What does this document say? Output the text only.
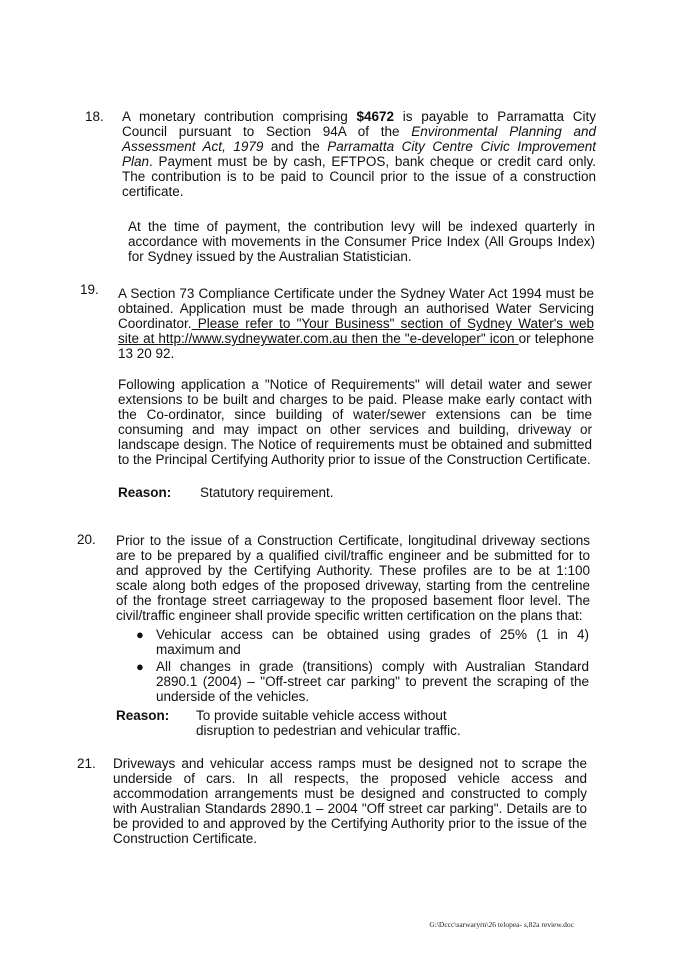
18. A monetary contribution comprising $4672 is payable to Parramatta City Council pursuant to Section 94A of the Environmental Planning and Assessment Act, 1979 and the Parramatta City Centre Civic Improvement Plan. Payment must be by cash, EFTPOS, bank cheque or credit card only. The contribution is to be paid to Council prior to the issue of a construction certificate.
At the time of payment, the contribution levy will be indexed quarterly in accordance with movements in the Consumer Price Index (All Groups Index) for Sydney issued by the Australian Statistician.
19. A Section 73 Compliance Certificate under the Sydney Water Act 1994 must be obtained. Application must be made through an authorised Water Servicing Coordinator. Please refer to "Your Business" section of Sydney Water's web site at http://www.sydneywater.com.au then the "e-developer" icon or telephone 13 20 92.
Following application a "Notice of Requirements" will detail water and sewer extensions to be built and charges to be paid. Please make early contact with the Co-ordinator, since building of water/sewer extensions can be time consuming and may impact on other services and building, driveway or landscape design. The Notice of requirements must be obtained and submitted to the Principal Certifying Authority prior to issue of the Construction Certificate.
Reason: Statutory requirement.
20. Prior to the issue of a Construction Certificate, longitudinal driveway sections are to be prepared by a qualified civil/traffic engineer and be submitted for to and approved by the Certifying Authority. These profiles are to be at 1:100 scale along both edges of the proposed driveway, starting from the centreline of the frontage street carriageway to the proposed basement floor level. The civil/traffic engineer shall provide specific written certification on the plans that:
● Vehicular access can be obtained using grades of 25% (1 in 4) maximum and
● All changes in grade (transitions) comply with Australian Standard 2890.1 (2004) – "Off-street car parking" to prevent the scraping of the underside of the vehicles.
Reason: To provide suitable vehicle access without disruption to pedestrian and vehicular traffic.
21. Driveways and vehicular access ramps must be designed not to scrape the underside of cars. In all respects, the proposed vehicle access and accommodation arrangements must be designed and constructed to comply with Australian Standards 2890.1 – 2004 "Off street car parking". Details are to be provided to and approved by the Certifying Authority prior to the issue of the Construction Certificate.
G:\Dccc\sarwaryrn\26 telopea- s,82a review.doc
